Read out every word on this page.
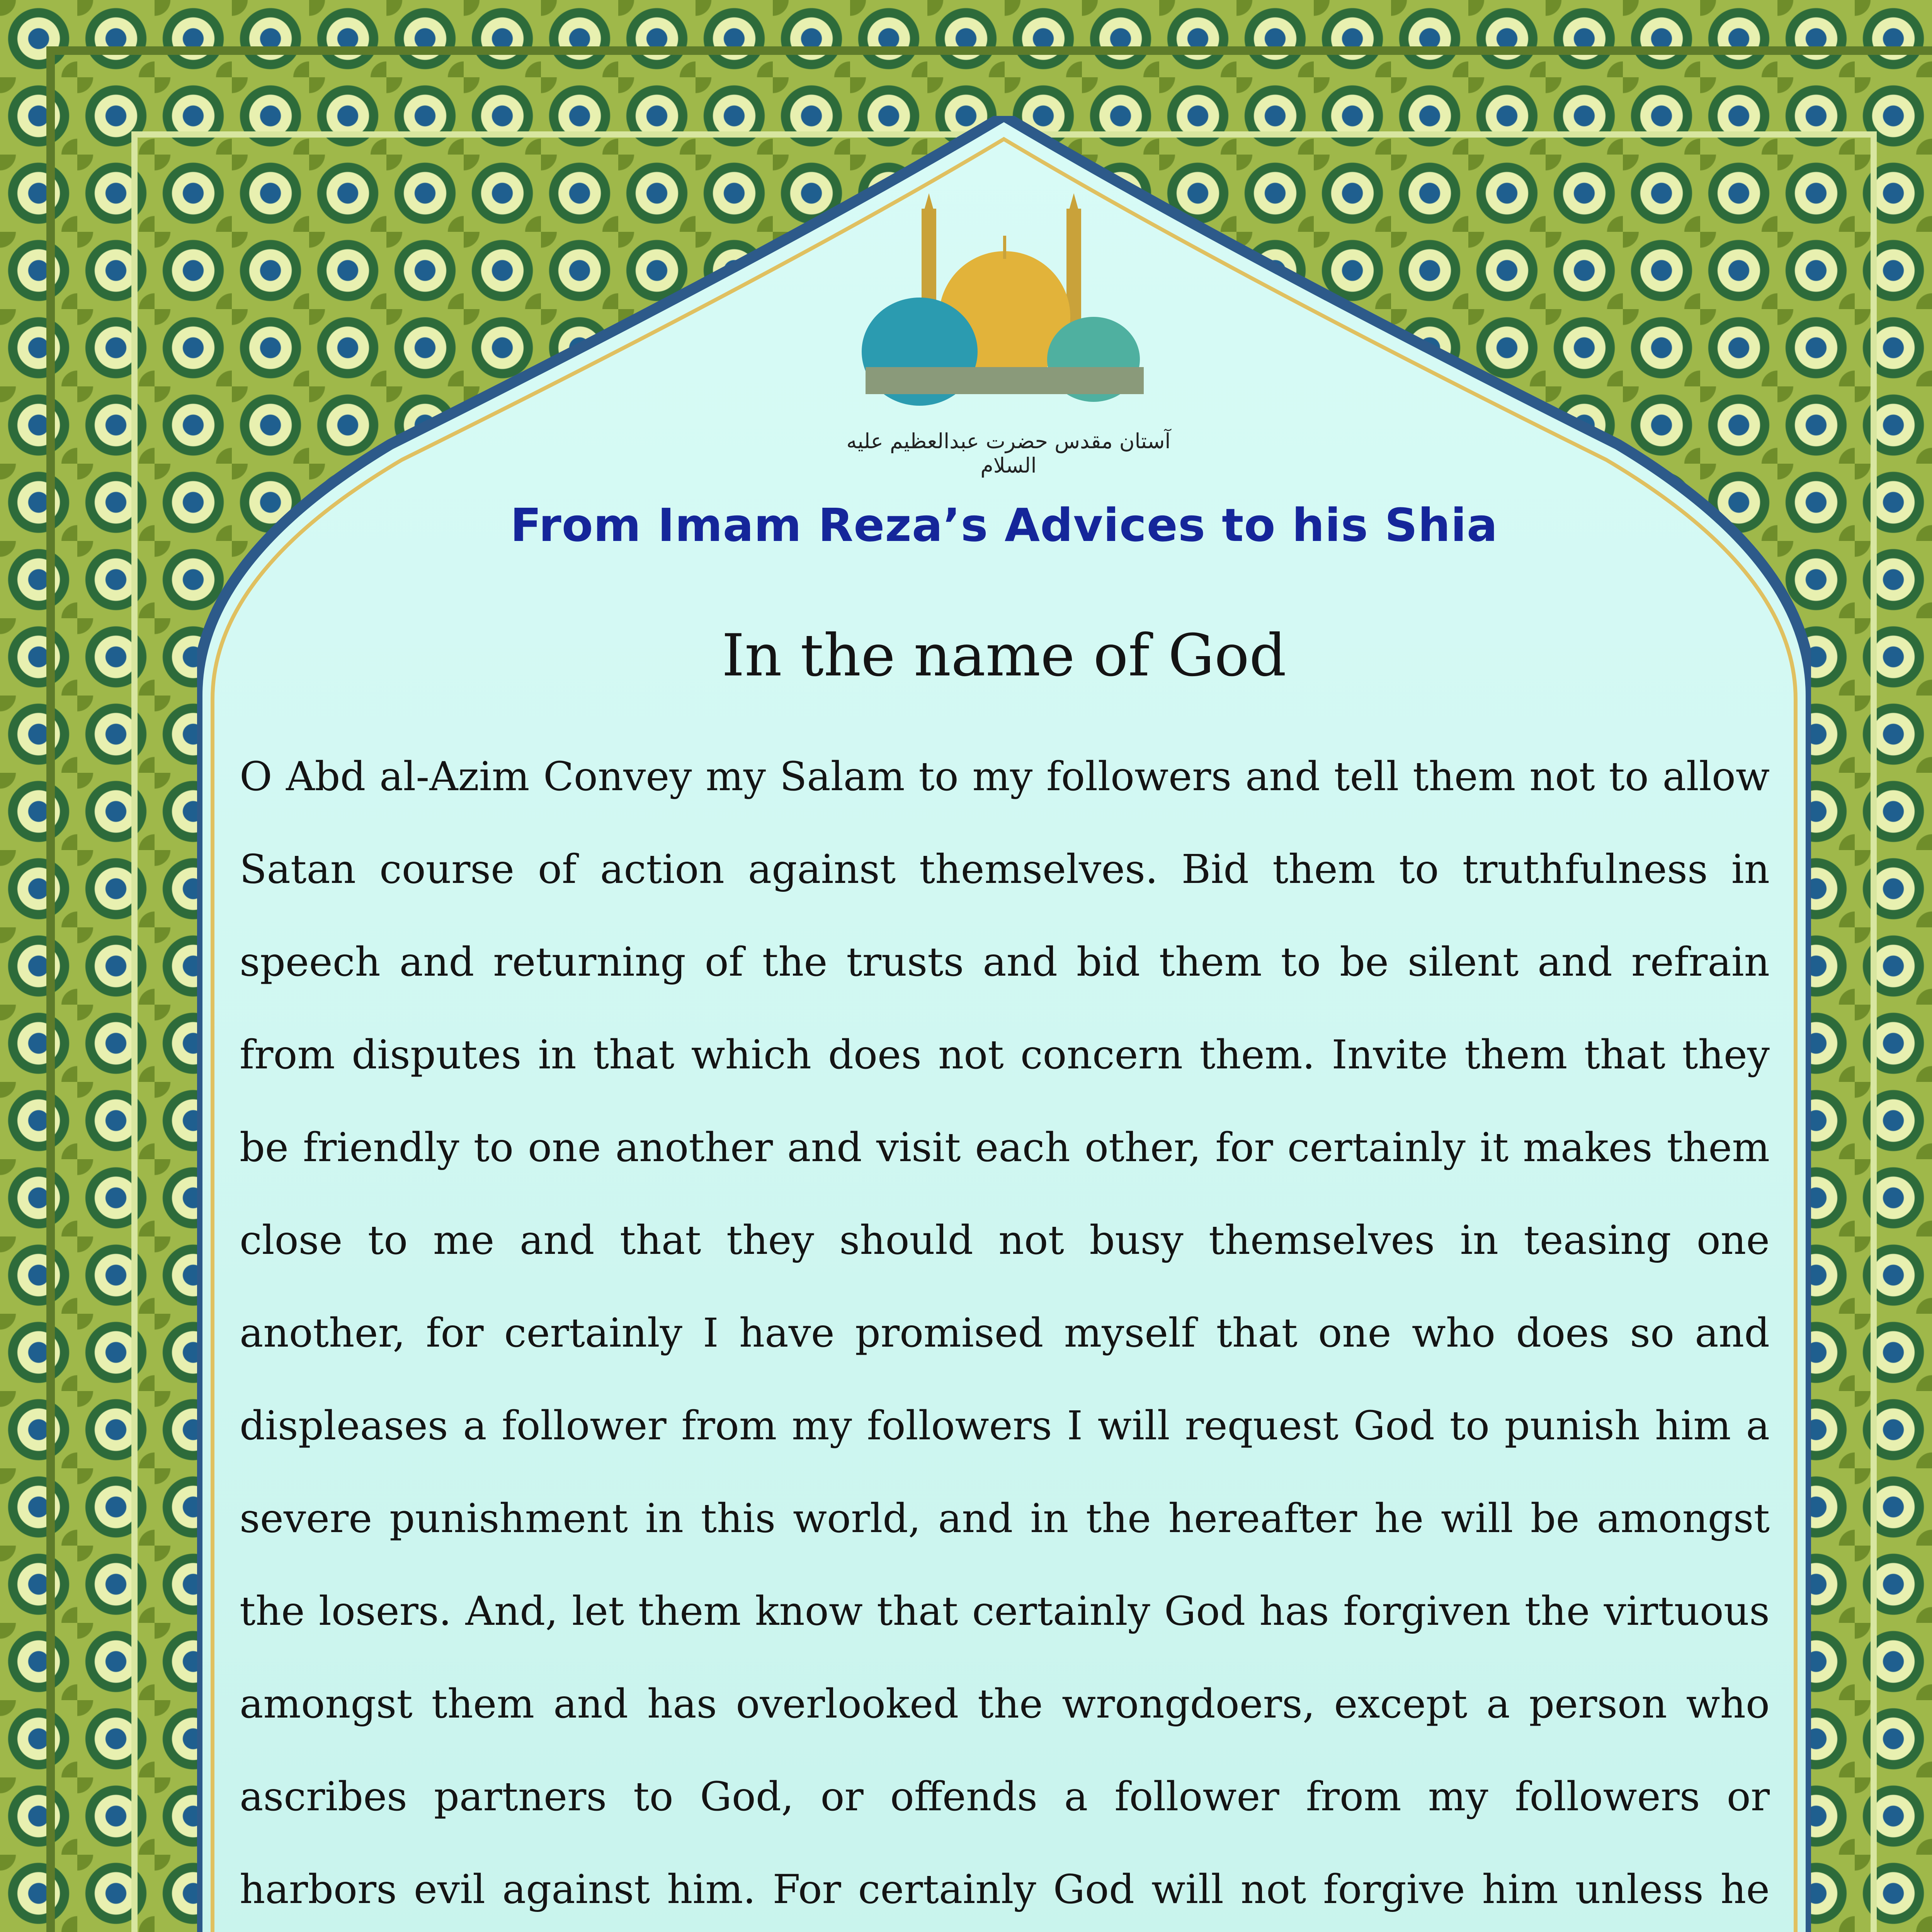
آستان مقدس حضرت عبدالعظیم علیه السلام
From Imam Reza’s Advices to his Shia
In the name of God
O Abd al-Azim Convey my Salam to my followers and tell them not to allow Satan course of action against themselves. Bid them to truthfulness in speech and returning of the trusts and bid them to be silent and refrain from disputes in that which does not concern them. Invite them that they be friendly to one another and visit each other, for certainly it makes them close to me and that they should not busy themselves in teasing one another, for certainly I have promised myself that one who does so and displeases a follower from my followers I will request God to punish him a severe punishment in this world, and in the hereafter he will be amongst the losers. And, let them know that certainly God has forgiven the virtuous amongst them and has overlooked the wrongdoers, except a person who ascribes partners to God, or offends a follower from my followers or harbors evil against him. For certainly God will not forgive him unless he
